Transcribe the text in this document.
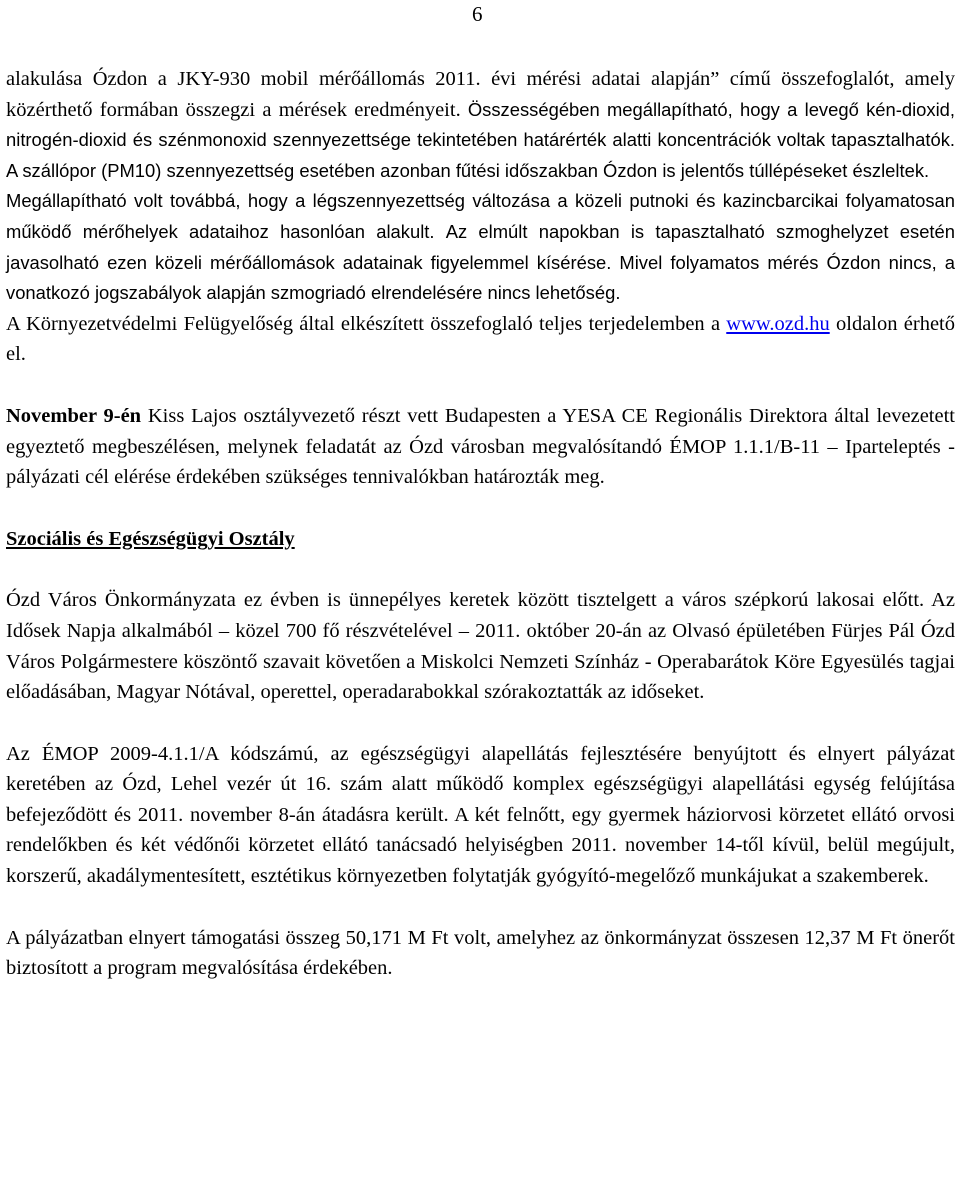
6

alakulása Ózdon a JKY-930 mobil mérőállomás 2011. évi mérési adatai alapján” című összefoglalót, amely közérthető formában összegzi a mérések eredményeit. Összességében megállapítható, hogy a levegő kén-dioxid, nitrogén-dioxid és szénmonoxid szennyezettsége tekintetében határérték alatti koncentrációk voltak tapasztalhatók. A szállópor (PM10) szennyezettség esetében azonban fűtési időszakban Ózdon is jelentős túllépéseket észleltek.
Megállapítható volt továbbá, hogy a légszennyezettség változása a közeli putnoki és kazincbarcikai folyamatosan működő mérőhelyek adataihoz hasonlóan alakult. Az elmúlt napokban is tapasztalható szmoghelyzet esetén javasolható ezen közeli mérőállomások adatainak figyelemmel kísérése. Mivel folyamatos mérés Ózdon nincs, a vonatkozó jogszabályok alapján szmogriadó elrendelésére nincs lehetőség.
A Környezetvédelmi Felügyelőség által elkészített összefoglaló teljes terjedelemben a www.ozd.hu oldalon érhető el.

November 9-én Kiss Lajos osztályvezető részt vett Budapesten a YESA CE Regionális Direktora által levezetett egyeztető megbeszélésen, melynek feladatát az Ózd városban megvalósítandó ÉMOP 1.1.1/B-11 – Iparteleptés - pályázati cél elérése érdekében szükséges tennivalókban határozták meg.

Szociális és Egészségügyi Osztály

Ózd Város Önkormányzata ez évben is ünnepélyes keretek között tisztelgett a város szépkorú lakosai előtt. Az Idősek Napja alkalmából – közel 700 fő részvételével – 2011. október 20-án az Olvasó épületében Fürjes Pál Ózd Város Polgármestere köszöntő szavait követően a Miskolci Nemzeti Színház - Operabarátok Köre Egyesülés tagjai előadásában, Magyar Nótával, operettel, operadarabokkal szórakoztatták az időseket.

Az ÉMOP 2009-4.1.1/A kódszámú, az egészségügyi alapellátás fejlesztésére benyújtott és elnyert pályázat keretében az Ózd, Lehel vezér út 16. szám alatt működő komplex egészségügyi alapellátási egység felújítása befejeződött és 2011. november 8-án átadásra került. A két felnőtt, egy gyermek háziorvosi körzetet ellátó orvosi rendelőkben és két védőnői körzetet ellátó tanácsadó helyiségben 2011. november 14-től kívül, belül megújult, korszerű, akadálymentesített, esztétikus környezetben folytatják gyógyító-megelőző munkájukat a szakemberek.

A pályázatban elnyert támogatási összeg 50,171 M Ft volt, amelyhez az önkormányzat összesen 12,37 M Ft önerőt biztosított a program megvalósítása érdekében.
